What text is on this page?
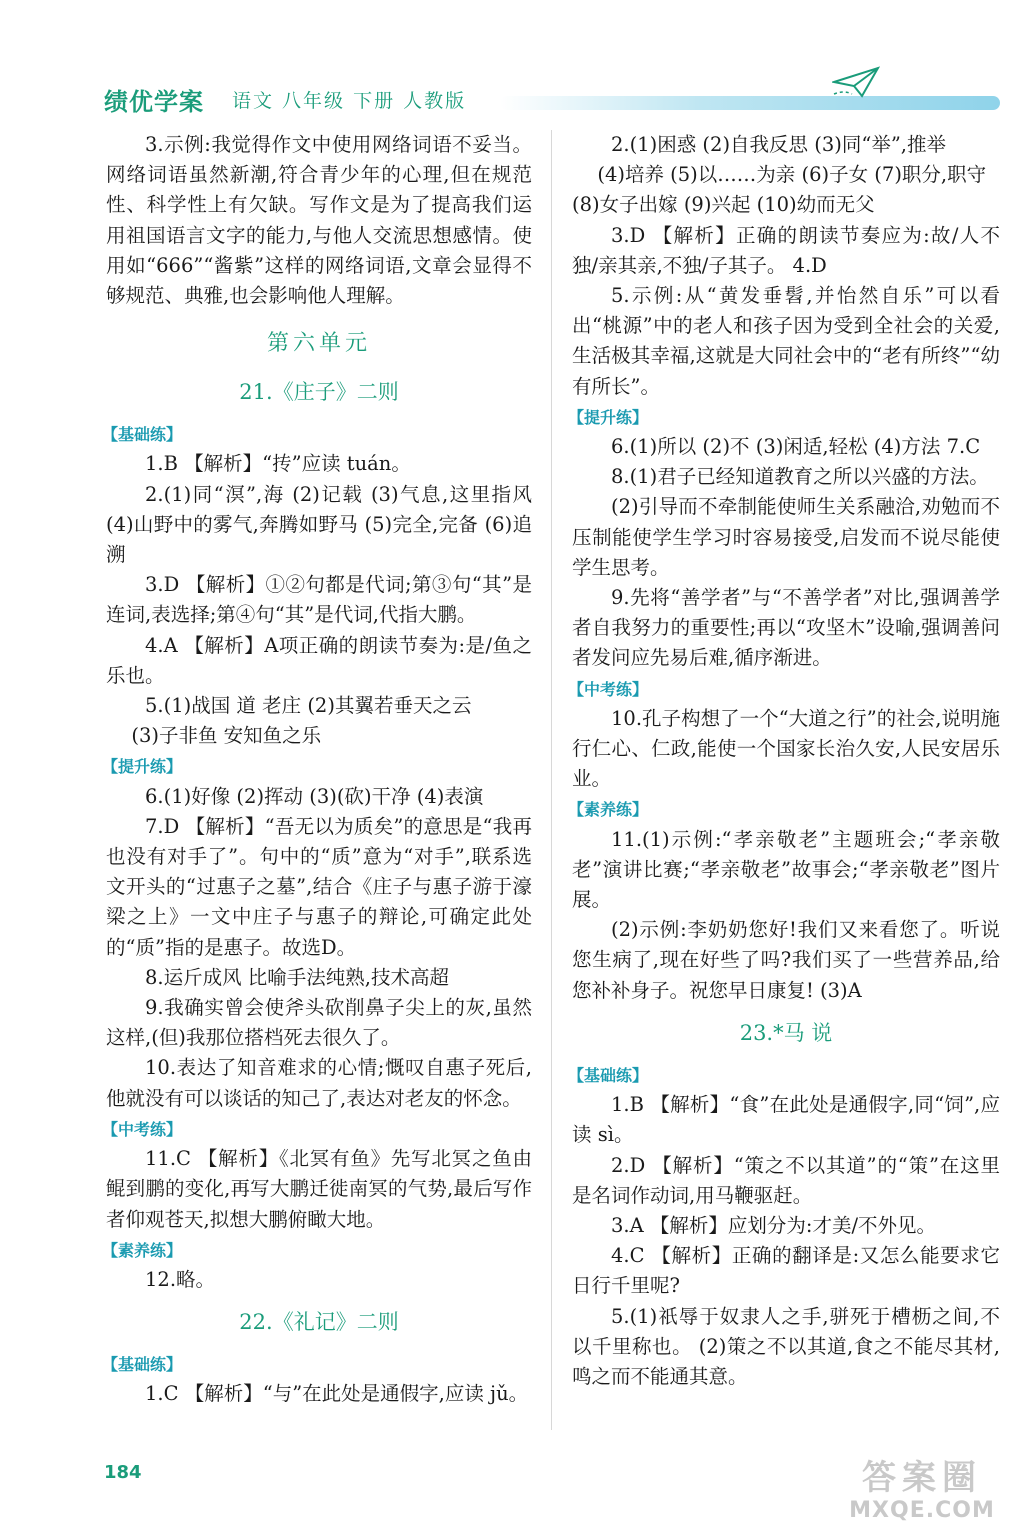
绩优学案 语文 八年级 下册 人教版

3.示例:我觉得作文中使用网络词语不妥当。网络词语虽然新潮,符合青少年的心理,但在规范性、科学性上有欠缺。写作文是为了提高我们运用祖国语言文字的能力,与他人交流思想感情。使用如“666”“酱紫”这样的网络词语,文章会显得不够规范、典雅,也会影响他人理解。

第六单元
21.《庄子》二则
【基础练】

1.B 【解析】“抟”应读 tuán。

2.(1)同“溟”,海 (2)记载 (3)气息,这里指风 (4)山野中的雾气,奔腾如野马 (5)完全,完备 (6)追溯

3.D 【解析】①②句都是代词;第③句“其”是连词,表选择;第④句“其”是代词,代指大鹏。

4.A 【解析】A项正确的朗读节奏为:是/鱼之乐也。

5.(1)战国 道 老庄 (2)其翼若垂天之云

(3)子非鱼 安知鱼之乐

【提升练】

6.(1)好像 (2)挥动 (3)(砍)干净 (4)表演

7.D 【解析】“吾无以为质矣”的意思是“我再也没有对手了”。句中的“质”意为“对手”,联系选文开头的“过惠子之墓”,结合《庄子与惠子游于濠梁之上》一文中庄子与惠子的辩论,可确定此处的“质”指的是惠子。故选D。

8.运斤成风 比喻手法纯熟,技术高超

9.我确实曾会使斧头砍削鼻子尖上的灰,虽然这样,(但)我那位搭档死去很久了。

10.表达了知音难求的心情;慨叹自惠子死后,他就没有可以谈话的知己了,表达对老友的怀念。

【中考练】

11.C 【解析】《北冥有鱼》先写北冥之鱼由鲲到鹏的变化,再写大鹏迁徙南冥的气势,最后写作者仰观苍天,拟想大鹏俯瞰大地。

【素养练】

12.略。

22.《礼记》二则
【基础练】

1.C 【解析】“与”在此处是通假字,应读 jǔ。

2.(1)困惑 (2)自我反思 (3)同“举”,推举

(4)培养 (5)以……为亲 (6)子女 (7)职分,职守 (8)女子出嫁 (9)兴起 (10)幼而无父

3.D 【解析】正确的朗读节奏应为:故/人不独/亲其亲,不独/子其子。 4.D

5.示例:从“黄发垂髫,并怡然自乐”可以看出“桃源”中的老人和孩子因为受到全社会的关爱,生活极其幸福,这就是大同社会中的“老有所终”“幼有所长”。

【提升练】

6.(1)所以 (2)不 (3)闲适,轻松 (4)方法 7.C

8.(1)君子已经知道教育之所以兴盛的方法。

(2)引导而不牵制能使师生关系融洽,劝勉而不压制能使学生学习时容易接受,启发而不说尽能使学生思考。

9.先将“善学者”与“不善学者”对比,强调善学者自我努力的重要性;再以“攻坚木”设喻,强调善问者发问应先易后难,循序渐进。

【中考练】

10.孔子构想了一个“大道之行”的社会,说明施行仁心、仁政,能使一个国家长治久安,人民安居乐业。

【素养练】

11.(1)示例:“孝亲敬老”主题班会;“孝亲敬老”演讲比赛;“孝亲敬老”故事会;“孝亲敬老”图片展。

(2)示例:李奶奶您好!我们又来看您了。听说您生病了,现在好些了吗?我们买了一些营养品,给您补补身子。祝您早日康复! (3)A

23.*马 说
【基础练】

1.B 【解析】“食”在此处是通假字,同“饲”,应读 sì。

2.D 【解析】“策之不以其道”的“策”在这里是名词作动词,用马鞭驱赶。

3.A 【解析】应划分为:才美/不外见。

4.C 【解析】正确的翻译是:又怎么能要求它日行千里呢?

5.(1)祇辱于奴隶人之手,骈死于槽枥之间,不以千里称也。 (2)策之不以其道,食之不能尽其材,鸣之而不能通其意。

184	答案圈
MXQE.COM
